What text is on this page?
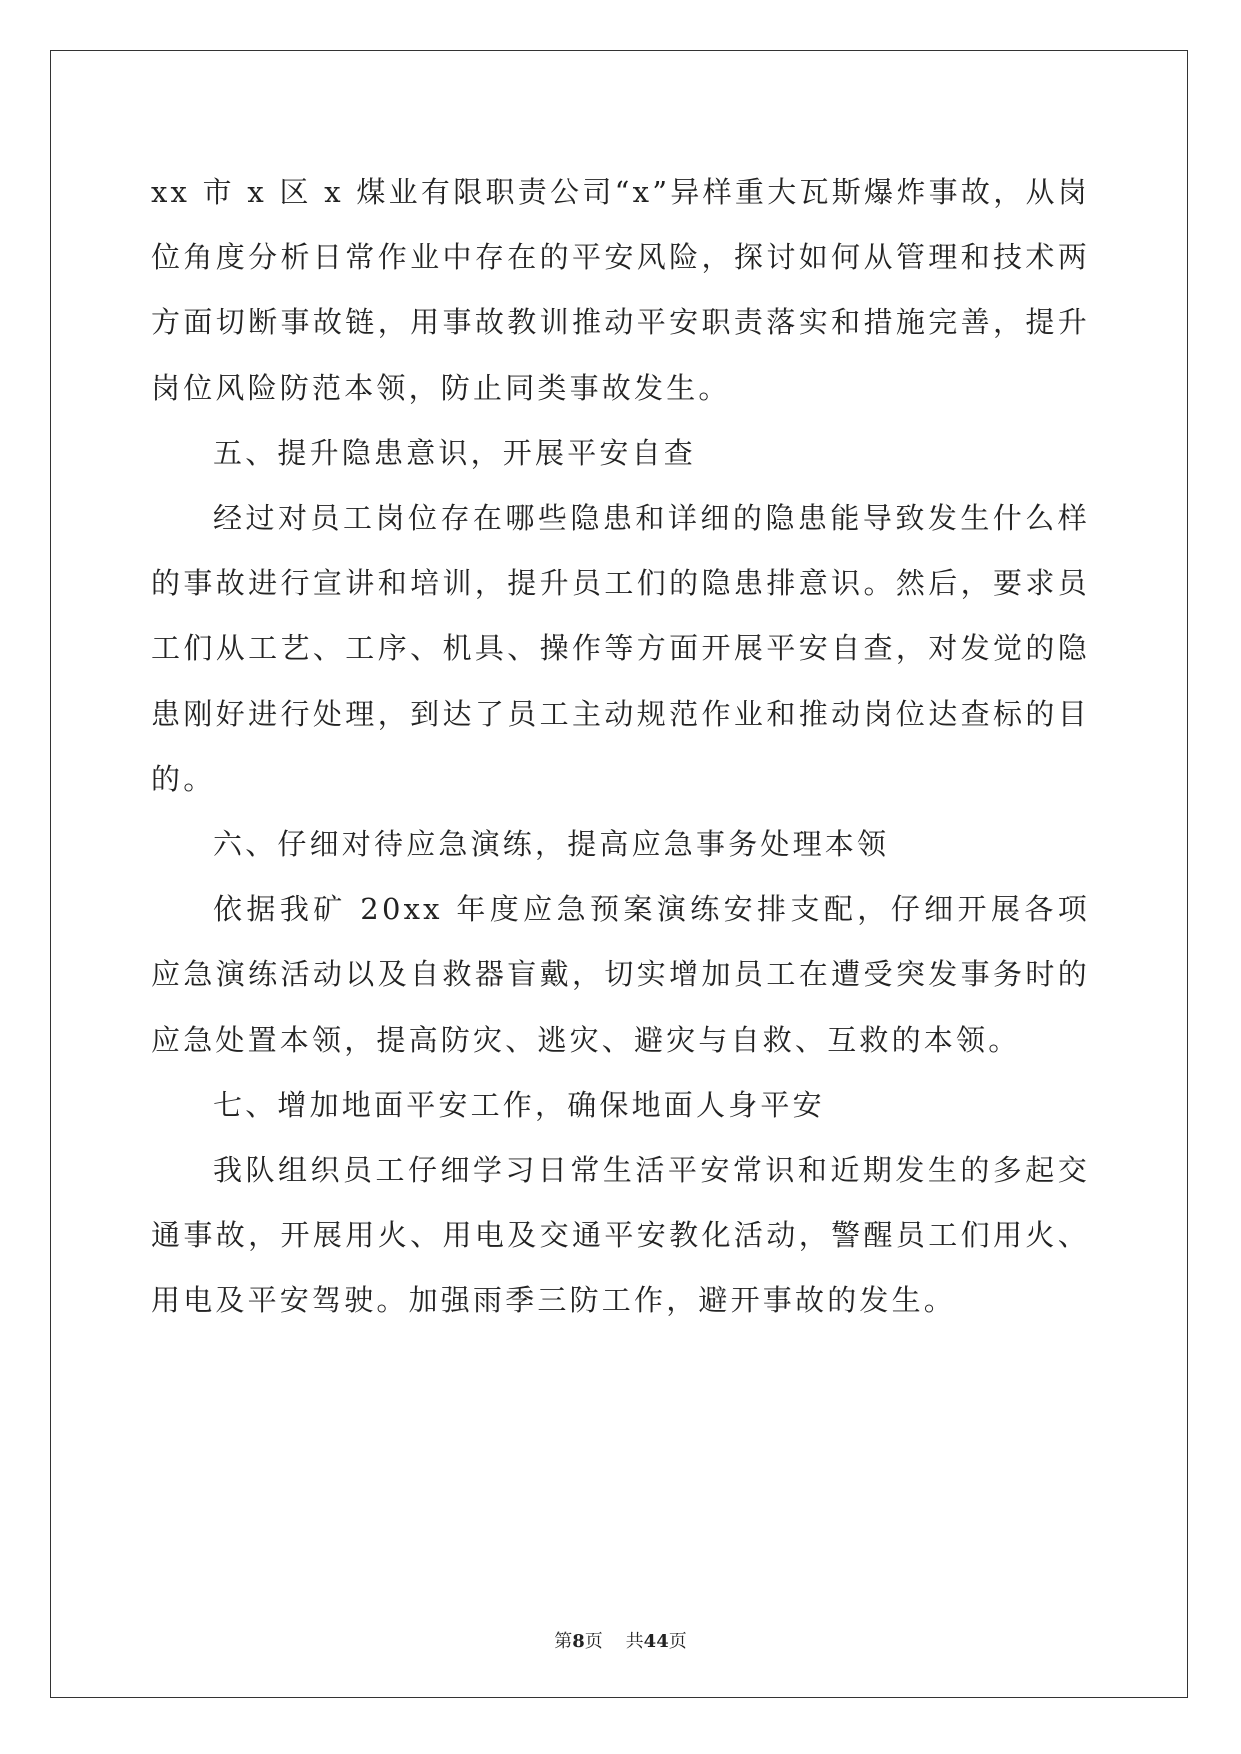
xx 市 x 区 x 煤业有限职责公司“x”异样重大瓦斯爆炸事故，从岗位角度分析日常作业中存在的平安风险，探讨如何从管理和技术两方面切断事故链，用事故教训推动平安职责落实和措施完善，提升岗位风险防范本领，防止同类事故发生。

五、提升隐患意识，开展平安自查

经过对员工岗位存在哪些隐患和详细的隐患能导致发生什么样的事故进行宣讲和培训，提升员工们的隐患排意识。然后，要求员工们从工艺、工序、机具、操作等方面开展平安自查，对发觉的隐患刚好进行处理，到达了员工主动规范作业和推动岗位达查标的目的。

六、仔细对待应急演练，提高应急事务处理本领

依据我矿 20xx 年度应急预案演练安排支配，仔细开展各项应急演练活动以及自救器盲戴，切实增加员工在遭受突发事务时的应急处置本领，提高防灾、逃灾、避灾与自救、互救的本领。

七、增加地面平安工作，确保地面人身平安

我队组织员工仔细学习日常生活平安常识和近期发生的多起交通事故，开展用火、用电及交通平安教化活动，警醒员工们用火、用电及平安驾驶。加强雨季三防工作，避开事故的发生。

第8页 共44页
